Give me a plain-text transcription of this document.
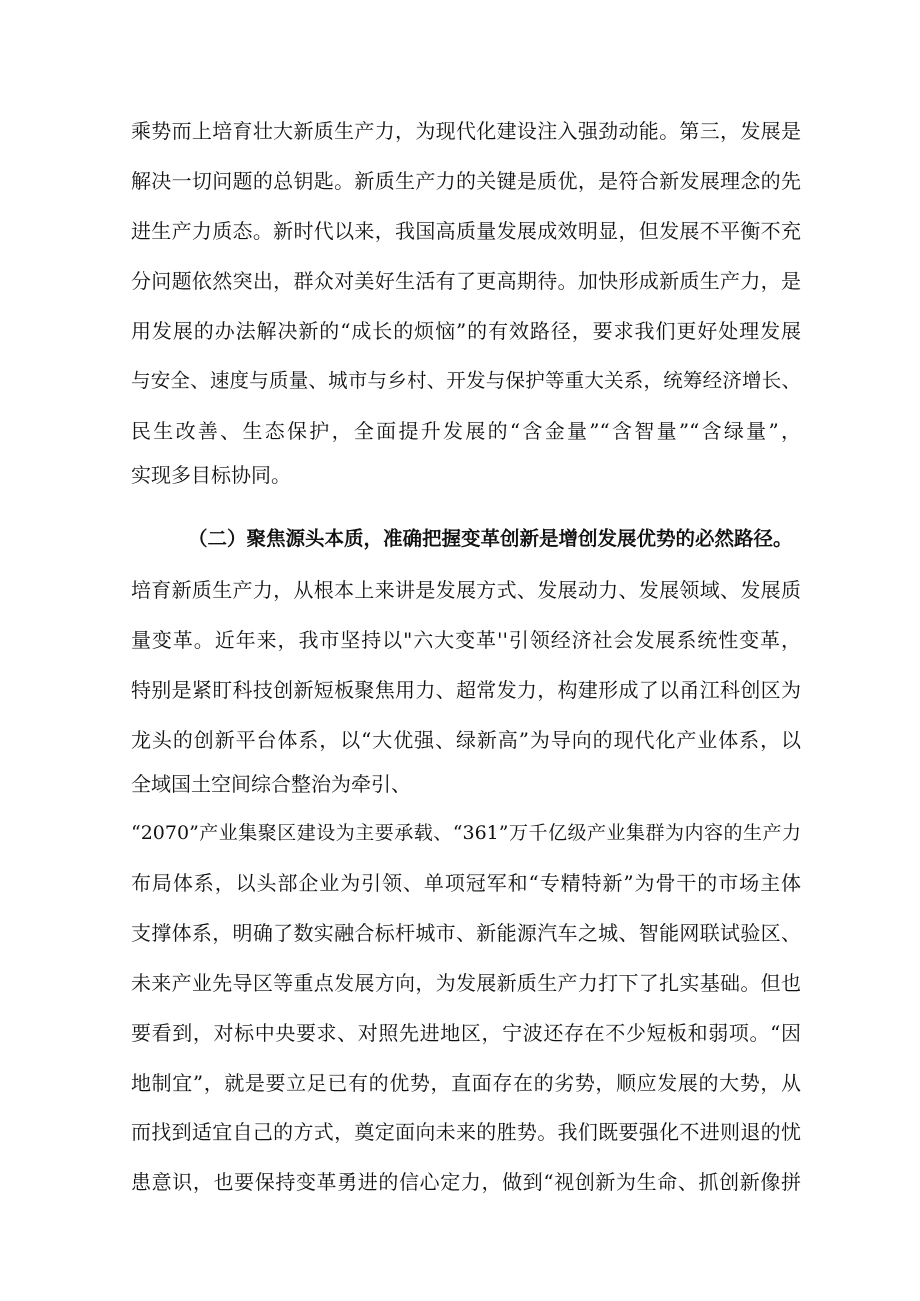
乘势而上培育壮大新质生产力，为现代化建设注入强劲动能。第三，发展是
解决一切问题的总钥匙。新质生产力的关键是质优，是符合新发展理念的先
进生产力质态。新时代以来，我国高质量发展成效明显，但发展不平衡不充
分问题依然突出，群众对美好生活有了更高期待。加快形成新质生产力，是
用发展的办法解决新的“成长的烦恼”的有效路径，要求我们更好处理发展
与安全、速度与质量、城市与乡村、开发与保护等重大关系，统筹经济增长、
民生改善、生态保护，全面提升发展的“含金量”“含智量”“含绿量”，
实现多目标协同。
（二）聚焦源头本质，准确把握变革创新是增创发展优势的必然路径。
培育新质生产力，从根本上来讲是发展方式、发展动力、发展领域、发展质
量变革。近年来，我市坚持以"六大变革''引领经济社会发展系统性变革，
特别是紧盯科技创新短板聚焦用力、超常发力，构建形成了以甬江科创区为
龙头的创新平台体系，以“大优强、绿新高”为导向的现代化产业体系，以
全域国土空间综合整治为牵引、
“2070”产业集聚区建设为主要承载、“361”万千亿级产业集群为内容的生产力
布局体系，以头部企业为引领、单项冠军和“专精特新”为骨干的市场主体
支撑体系，明确了数实融合标杆城市、新能源汽车之城、智能网联试验区、
未来产业先导区等重点发展方向，为发展新质生产力打下了扎实基础。但也
要看到，对标中央要求、对照先进地区，宁波还存在不少短板和弱项。“因
地制宜”，就是要立足已有的优势，直面存在的劣势，顺应发展的大势，从
而找到适宜自己的方式，奠定面向未来的胜势。我们既要强化不进则退的忧
患意识，也要保持变革勇进的信心定力，做到“视创新为生命、抓创新像拼
